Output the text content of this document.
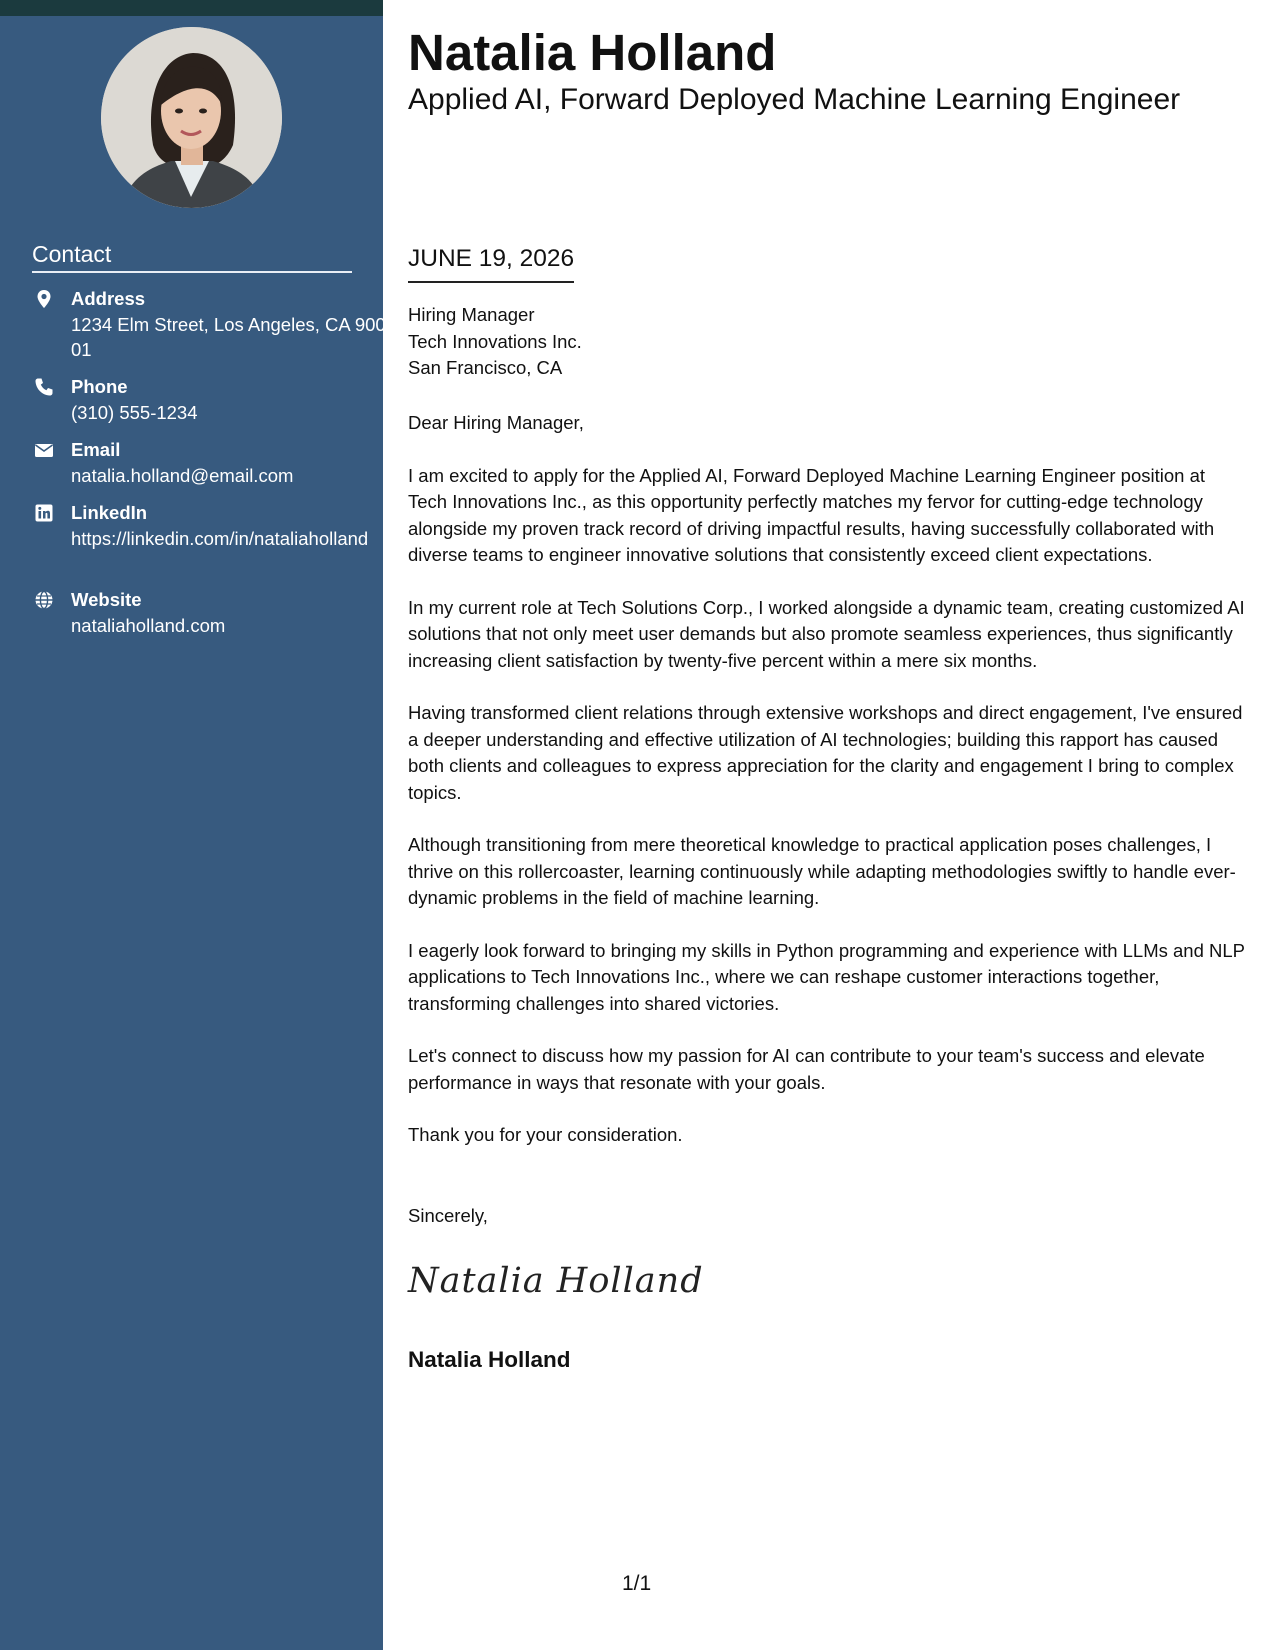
Contact
Address
1234 Elm Street, Los Angeles, CA 90001
Phone
(310) 555-1234
Email
natalia.holland@email.com
LinkedIn
https://linkedin.com/in/nataliaholland
Website
nataliaholland.com
Natalia Holland
Applied AI, Forward Deployed Machine Learning Engineer
JUNE 19, 2026
Hiring Manager
Tech Innovations Inc.
San Francisco, CA

Dear Hiring Manager,

I am excited to apply for the Applied AI, Forward Deployed Machine Learning Engineer position at Tech Innovations Inc., as this opportunity perfectly matches my fervor for cutting-edge technology alongside my proven track record of driving impactful results, having successfully collaborated with diverse teams to engineer innovative solutions that consistently exceed client expectations.

In my current role at Tech Solutions Corp., I worked alongside a dynamic team, creating customized AI solutions that not only meet user demands but also promote seamless experiences, thus significantly increasing client satisfaction by twenty-five percent within a mere six months.

Having transformed client relations through extensive workshops and direct engagement, I've ensured a deeper understanding and effective utilization of AI technologies; building this rapport has caused both clients and colleagues to express appreciation for the clarity and engagement I bring to complex topics.

Although transitioning from mere theoretical knowledge to practical application poses challenges, I thrive on this rollercoaster, learning continuously while adapting methodologies swiftly to handle ever-dynamic problems in the field of machine learning.

I eagerly look forward to bringing my skills in Python programming and experience with LLMs and NLP applications to Tech Innovations Inc., where we can reshape customer interactions together, transforming challenges into shared victories.

Let's connect to discuss how my passion for AI can contribute to your team's success and elevate performance in ways that resonate with your goals.

Thank you for your consideration.

Sincerely,
Natalia Holland
Natalia Holland
1/1
